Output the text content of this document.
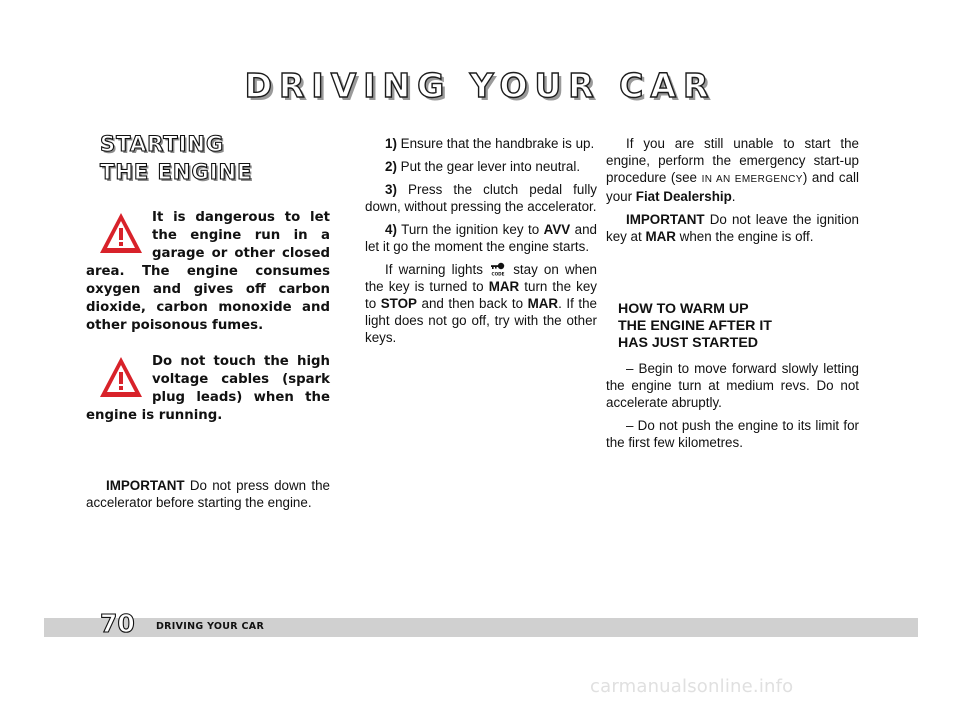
DRIVING YOUR CAR
STARTING
THE ENGINE
It is dangerous to let the engine run in a garage or other closed area. The engine consumes oxygen and gives off carbon dioxide, carbon monoxide and other poisonous fumes.
Do not touch the high voltage cables (spark plug leads) when the engine is running.

IMPORTANT Do not press down the accelerator before starting the engine.

1) Ensure that the handbrake is up.

2) Put the gear lever into neutral.

3) Press the clutch pedal fully down, without pressing the accelerator.

4) Turn the ignition key to AVV and let it go the moment the engine starts.

If warning lights CODE stay on when the key is turned to MAR turn the key to STOP and then back to MAR. If the light does not go off, try with the other keys.

If you are still unable to start the engine, perform the emergency start-up procedure (see IN AN EMERGENCY) and call your Fiat Dealership.

IMPORTANT Do not leave the ignition key at MAR when the engine is off.

HOW TO WARM UP
THE ENGINE AFTER IT
HAS JUST STARTED

– Begin to move forward slowly letting the engine turn at medium revs. Do not accelerate abruptly.

– Do not push the engine to its limit for the first few kilometres.

70 DRIVING YOUR CAR
carmanualsonline.info
